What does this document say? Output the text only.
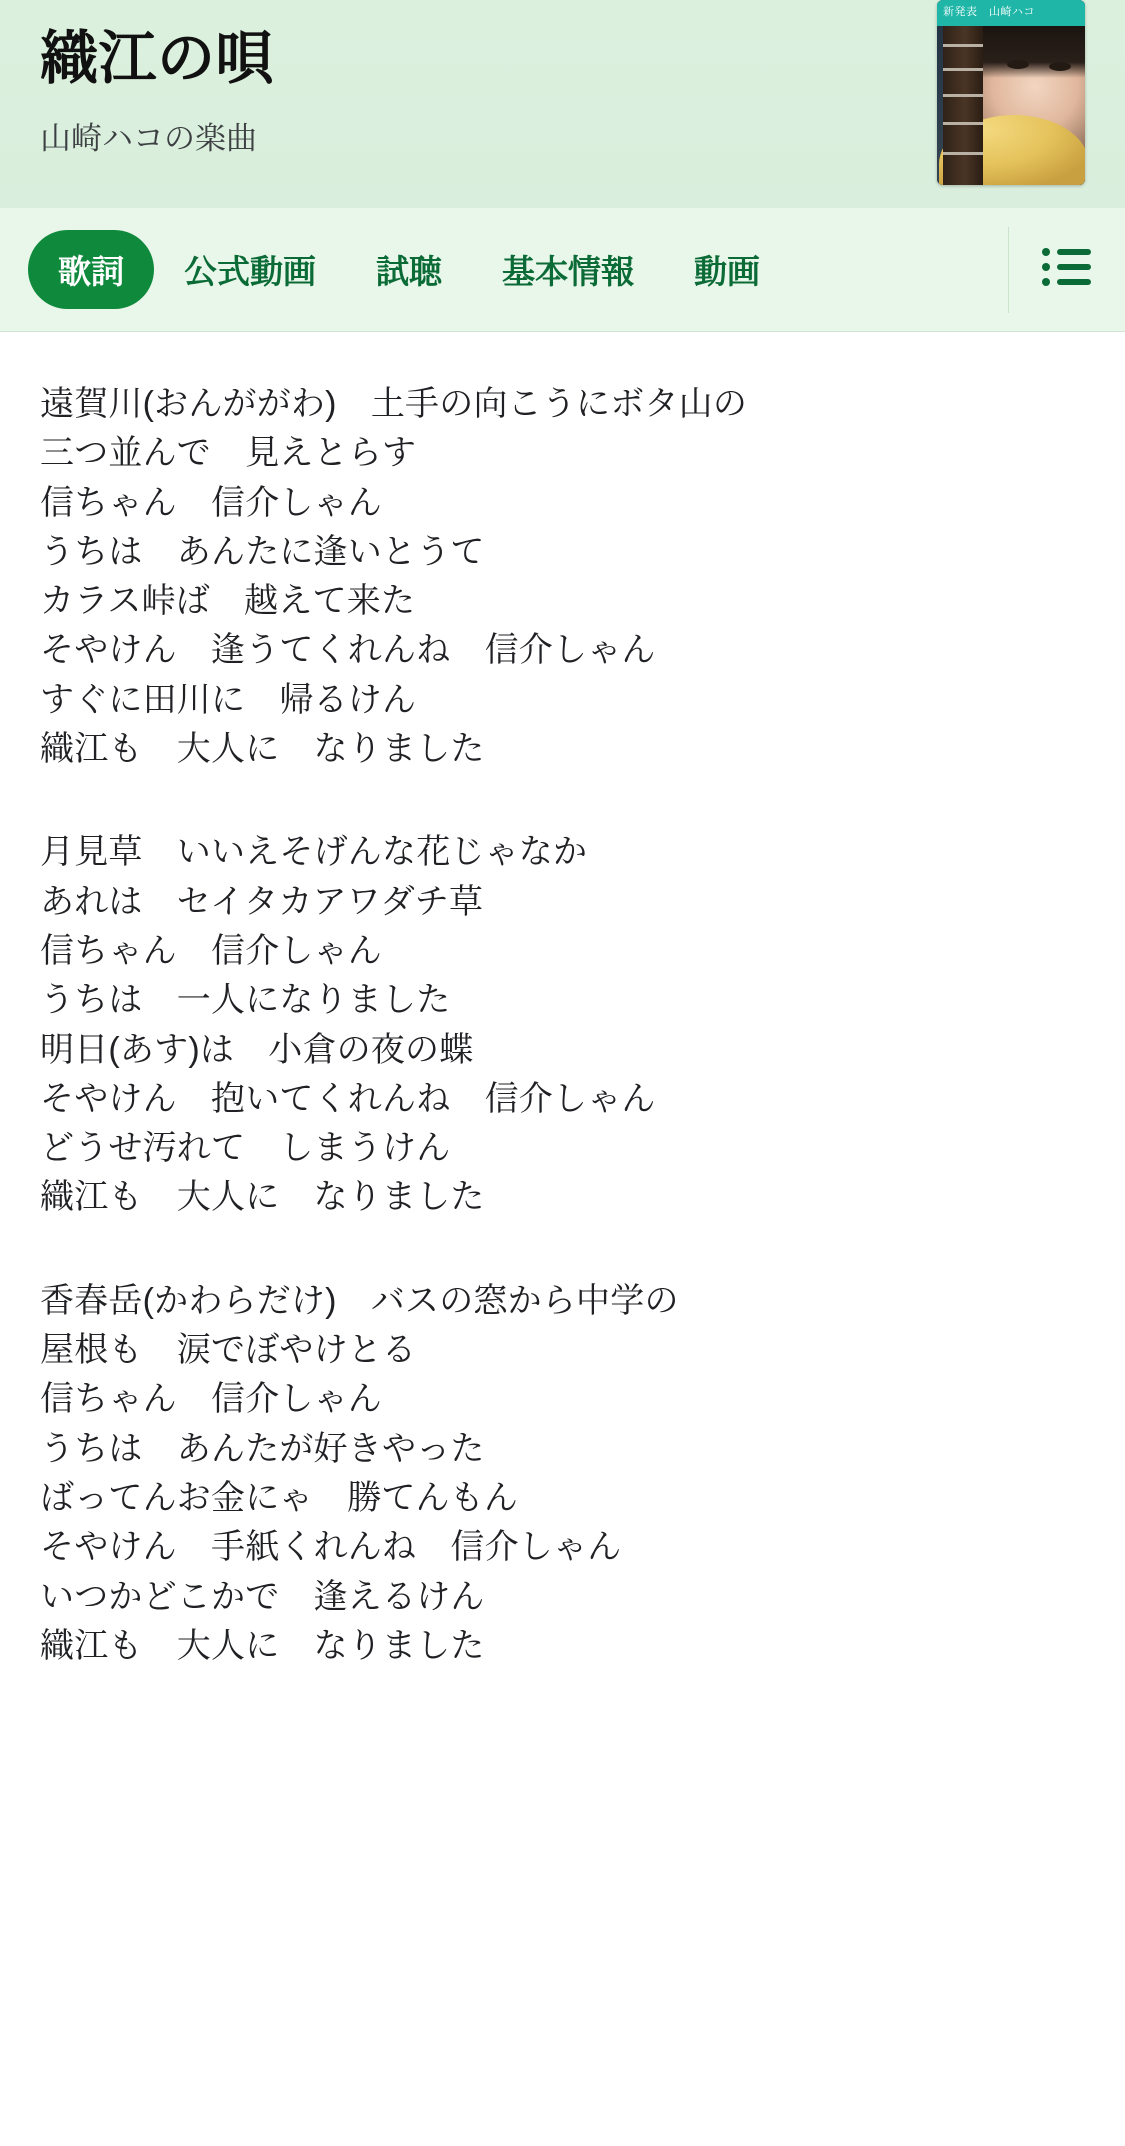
織江の唄
山崎ハコの楽曲
新発表　山崎ハコ
歌詞	公式動画	試聴	基本情報	動画
遠賀川(おんががわ)　土手の向こうにボタ山の
三つ並んで　見えとらす
信ちゃん　信介しゃん
うちは　あんたに逢いとうて
カラス峠ば　越えて来た
そやけん　逢うてくれんね　信介しゃん
すぐに田川に　帰るけん
織江も　大人に　なりました
月見草　いいえそげんな花じゃなか
あれは　セイタカアワダチ草
信ちゃん　信介しゃん
うちは　一人になりました
明日(あす)は　小倉の夜の蝶
そやけん　抱いてくれんね　信介しゃん
どうせ汚れて　しまうけん
織江も　大人に　なりました
香春岳(かわらだけ)　バスの窓から中学の
屋根も　涙でぼやけとる
信ちゃん　信介しゃん
うちは　あんたが好きやった
ばってんお金にゃ　勝てんもん
そやけん　手紙くれんね　信介しゃん
いつかどこかで　逢えるけん
織江も　大人に　なりました
